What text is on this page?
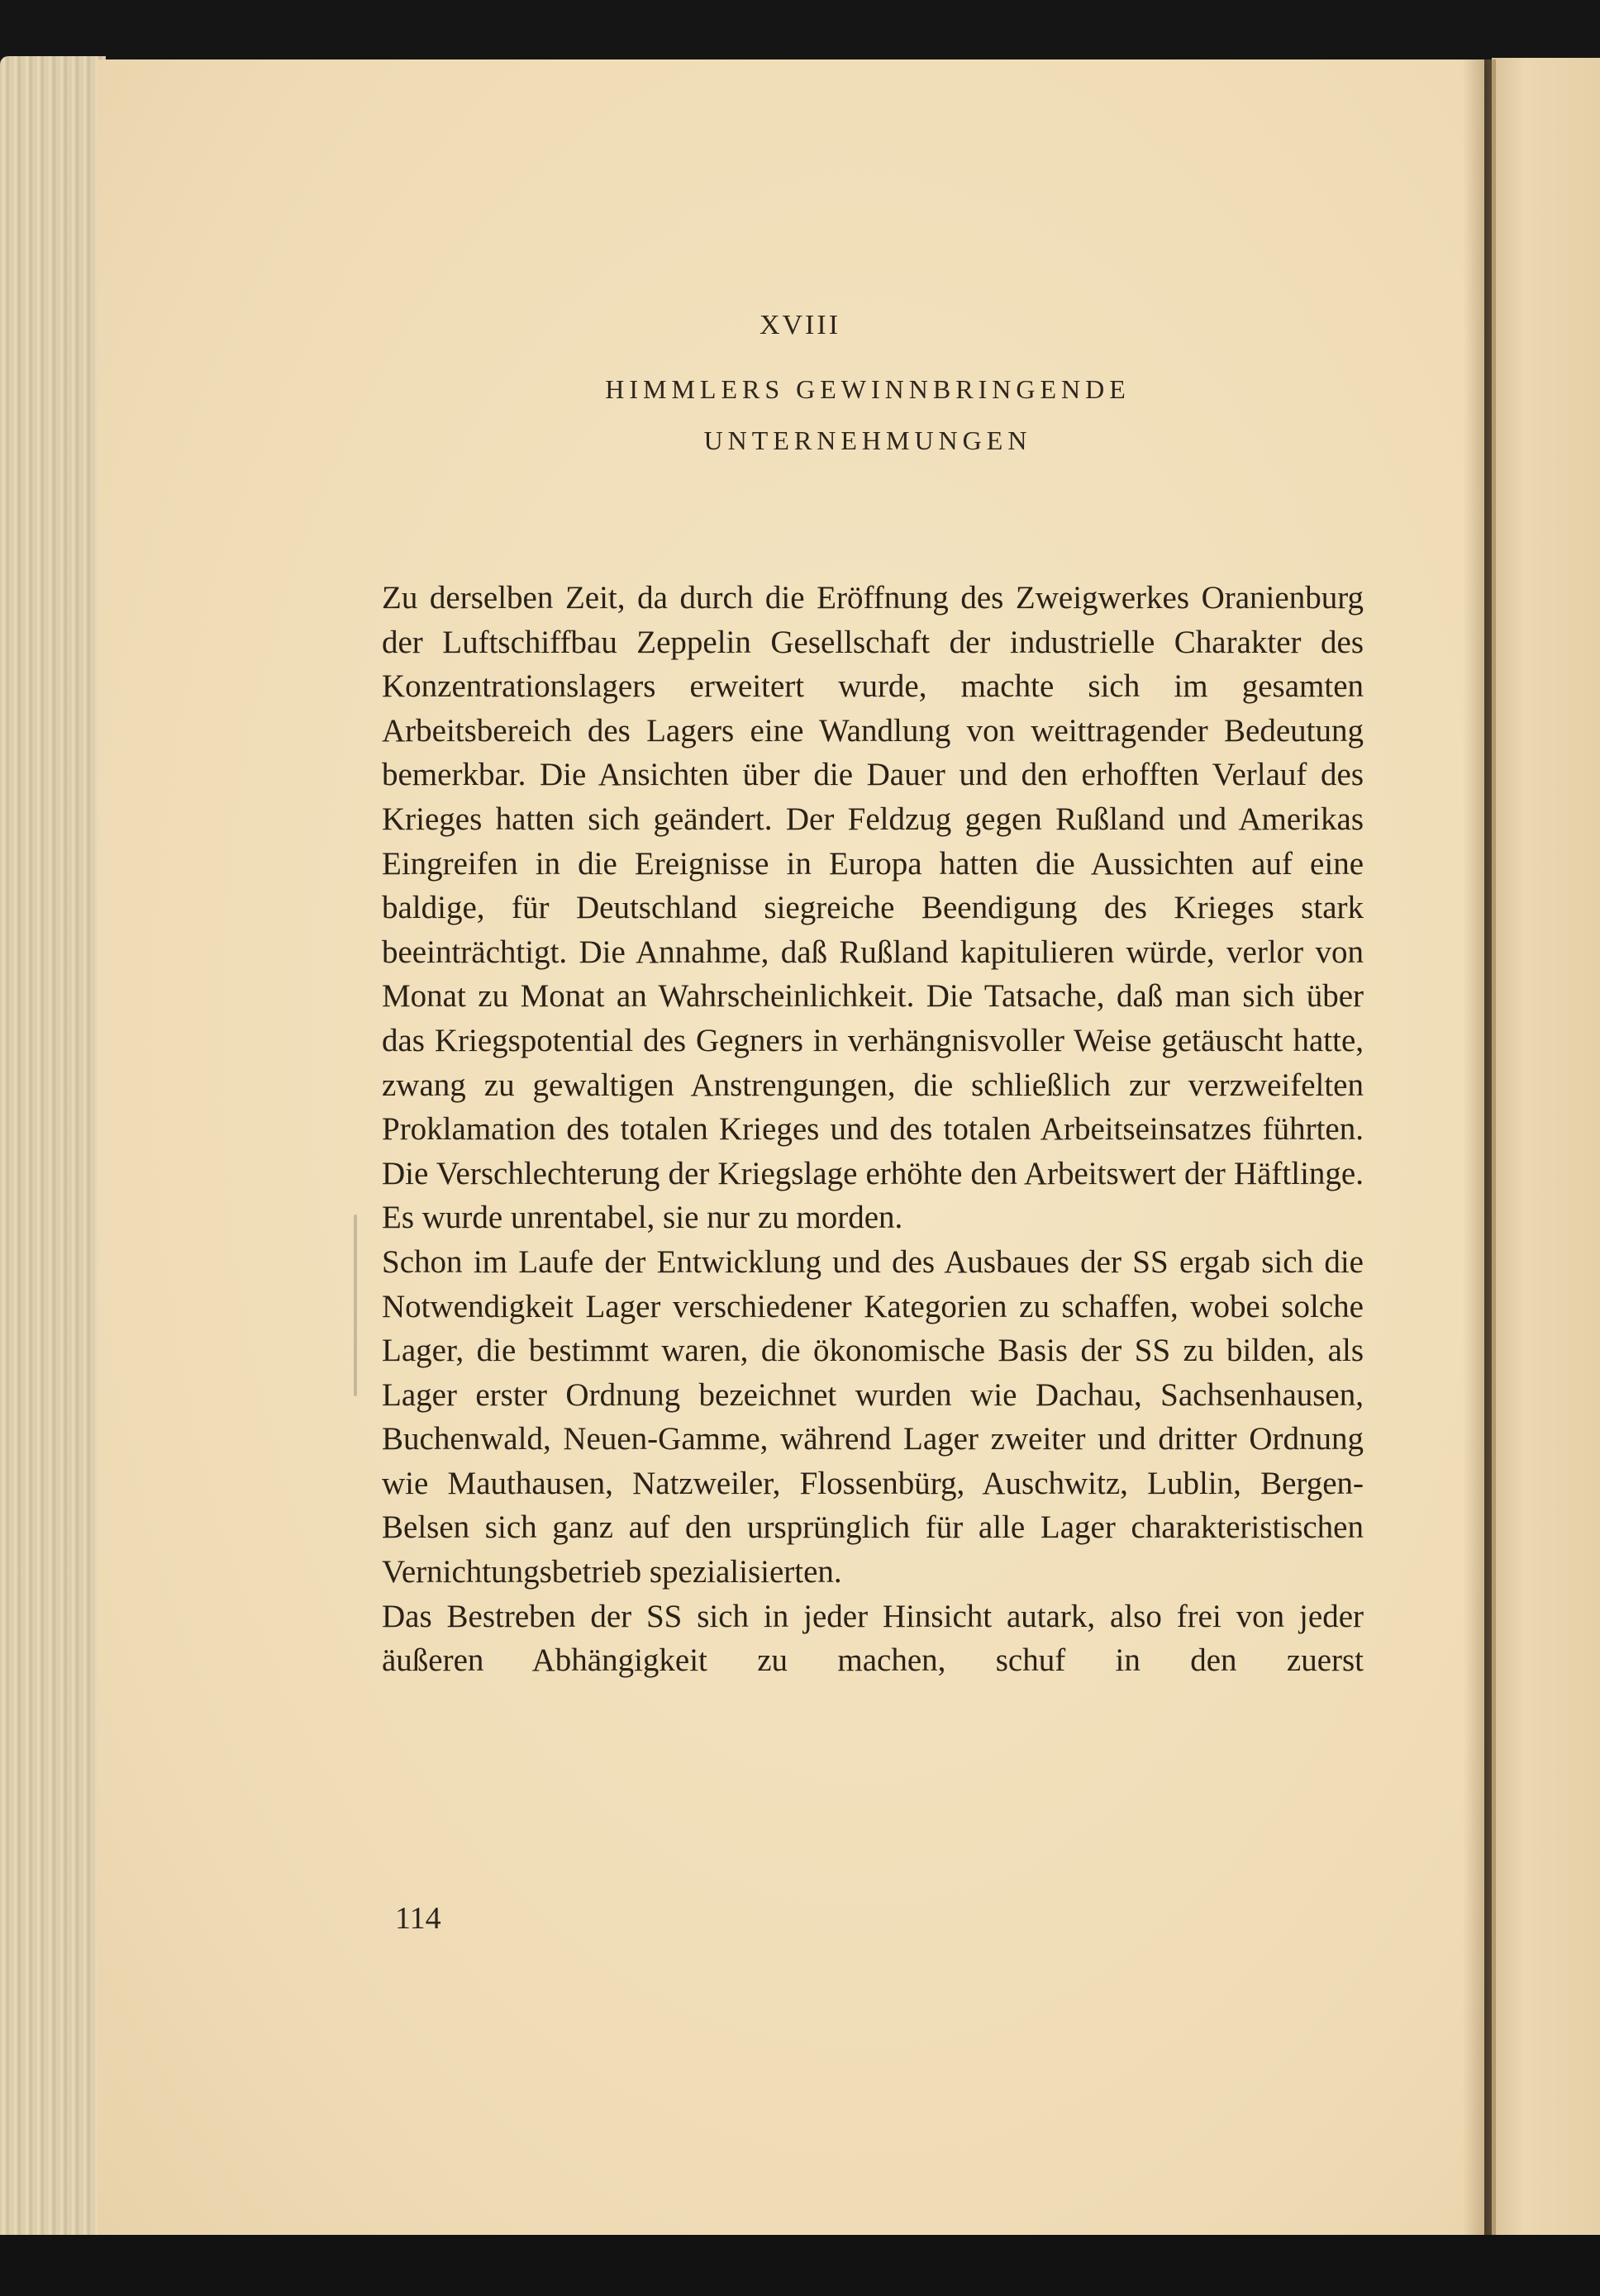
XVIII
HIMMLERS GEWINNBRINGENDE
UNTERNEHMUNGEN

Zu derselben Zeit, da durch die Eröffnung des Zweigwerkes Oranienburg der Luftschiffbau Zeppelin Gesellschaft der industrielle Charakter des Konzentrationslagers erweitert wurde, machte sich im gesamten Arbeitsbereich des Lagers eine Wandlung von weittragender Bedeutung bemerkbar. Die Ansichten über die Dauer und den erhofften Verlauf des Krieges hatten sich geändert. Der Feldzug gegen Rußland und Amerikas Eingreifen in die Ereignisse in Europa hatten die Aussichten auf eine baldige, für Deutschland siegreiche Beendigung des Krieges stark beeinträchtigt. Die Annahme, daß Rußland kapitulieren würde, verlor von Monat zu Monat an Wahrscheinlichkeit. Die Tatsache, daß man sich über das Kriegspotential des Gegners in verhängnisvoller Weise getäuscht hatte, zwang zu gewaltigen Anstrengungen, die schließlich zur verzweifelten Proklamation des totalen Krieges und des totalen Arbeitseinsatzes führten. Die Verschlechterung der Kriegslage erhöhte den Arbeitswert der Häftlinge. Es wurde unrentabel, sie nur zu morden.

Schon im Laufe der Entwicklung und des Ausbaues der SS ergab sich die Notwendigkeit Lager verschiedener Kategorien zu schaffen, wobei solche Lager, die bestimmt waren, die ökonomische Basis der SS zu bilden, als Lager erster Ordnung bezeichnet wurden wie Dachau, Sachsenhausen, Buchenwald, Neuen-Gamme, während Lager zweiter und dritter Ordnung wie Mauthausen, Natzweiler, Flossenbürg, Auschwitz, Lublin, Bergen-Belsen sich ganz auf den ursprünglich für alle Lager charakteristischen Vernichtungsbetrieb spezialisierten.

Das Bestreben der SS sich in jeder Hinsicht autark, also frei von jeder äußeren Abhängigkeit zu machen, schuf in den zuerst

114
